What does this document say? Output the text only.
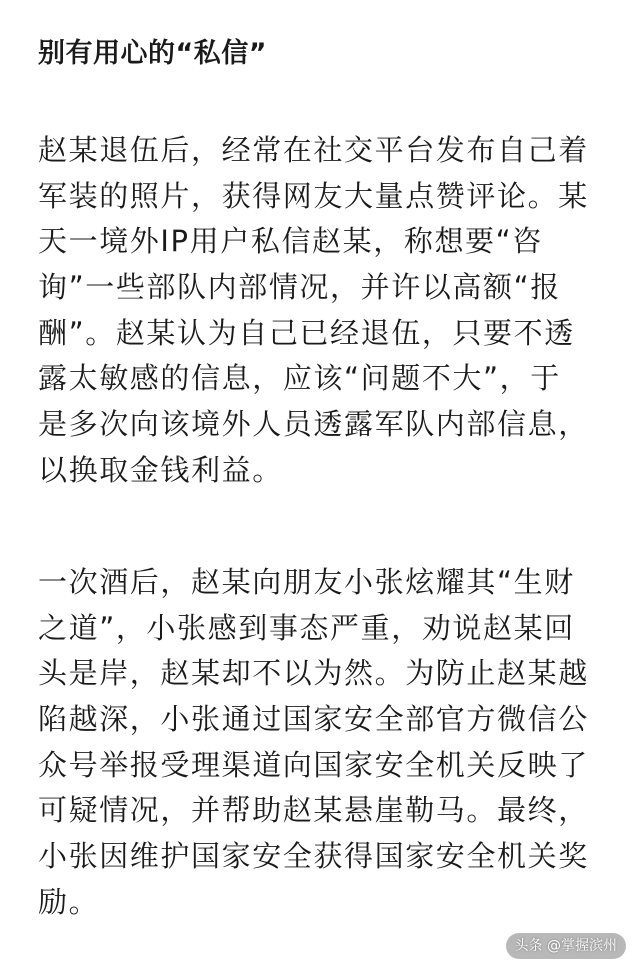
别有用心的“私信”
赵某退伍后，经常在社交平台发布自己着
军装的照片，获得网友大量点赞评论。某
天一境外IP用户私信赵某，称想要“咨
询”一些部队内部情况，并许以高额“报
酬”。赵某认为自己已经退伍，只要不透
露太敏感的信息，应该“问题不大”，于
是多次向该境外人员透露军队内部信息，
以换取金钱利益。
一次酒后，赵某向朋友小张炫耀其“生财
之道”，小张感到事态严重，劝说赵某回
头是岸，赵某却不以为然。为防止赵某越
陷越深，小张通过国家安全部官方微信公
众号举报受理渠道向国家安全机关反映了
可疑情况，并帮助赵某悬崖勒马。最终，
小张因维护国家安全获得国家安全机关奖
励。
头条 @掌握滨州
